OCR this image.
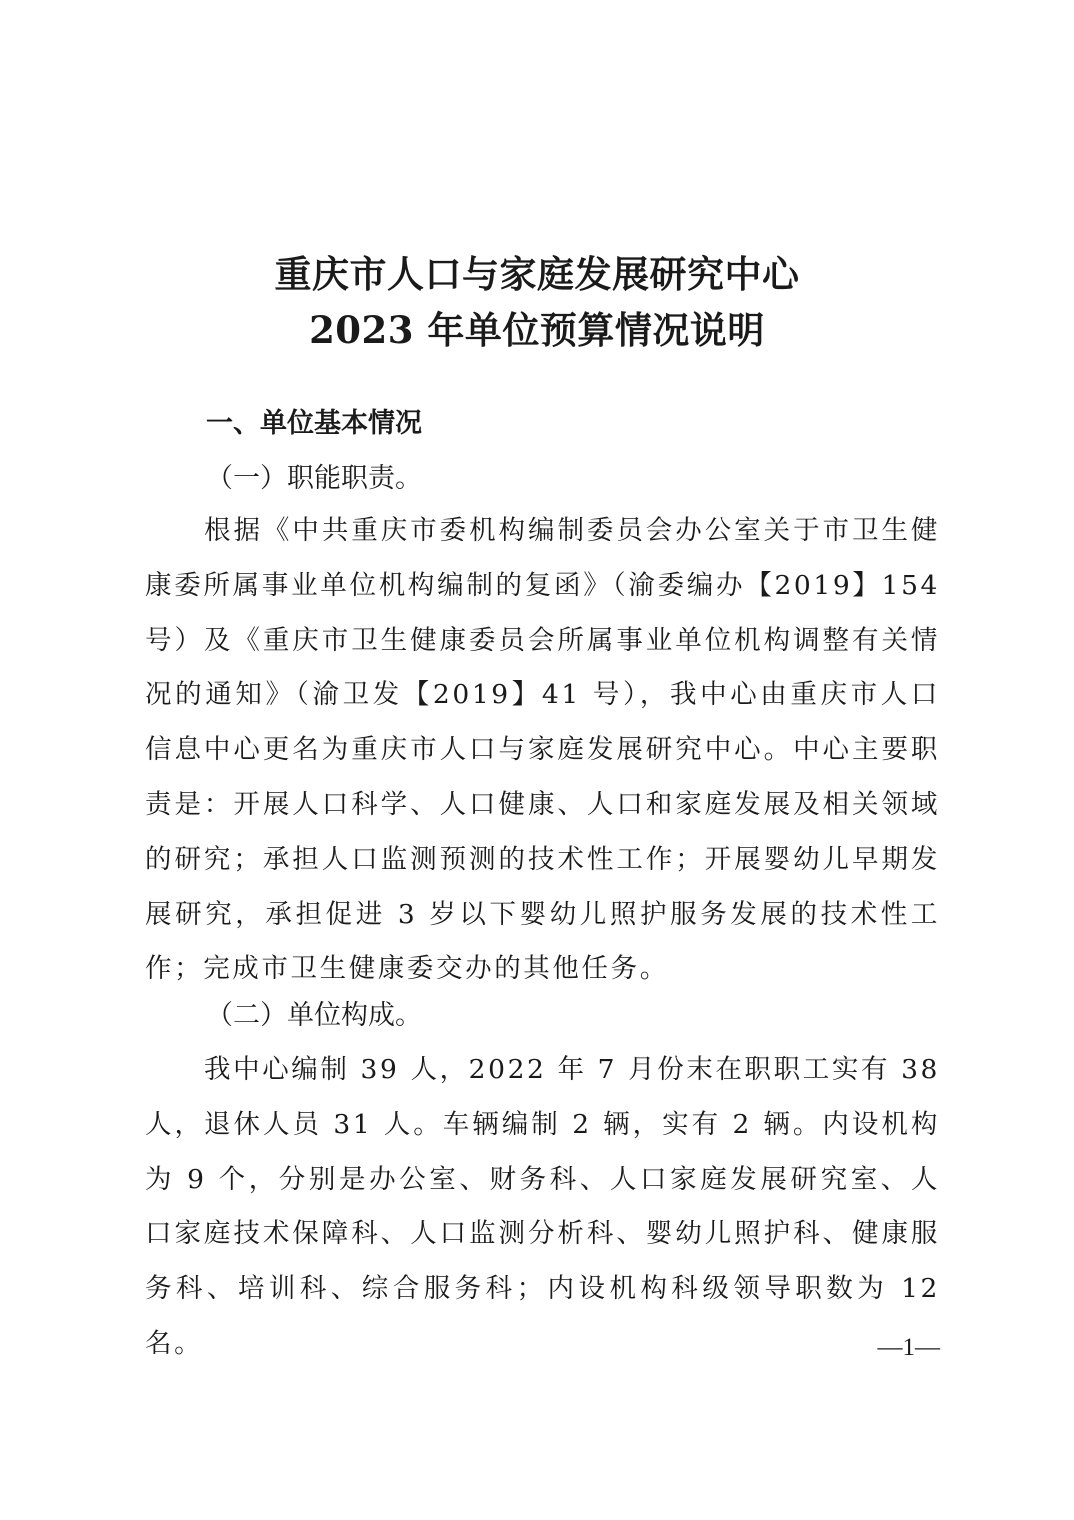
重庆市人口与家庭发展研究中心
2023 年单位预算情况说明
一、单位基本情况
（一）职能职责。

根据《中共重庆市委机构编制委员会办公室关于市卫生健康委所属事业单位机构编制的复函》（渝委编办【2019】154 号）及《重庆市卫生健康委员会所属事业单位机构调整有关情况的通知》（渝卫发【2019】41 号），我中心由重庆市人口信息中心更名为重庆市人口与家庭发展研究中心。中心主要职责是：开展人口科学、人口健康、人口和家庭发展及相关领域的研究；承担人口监测预测的技术性工作；开展婴幼儿早期发展研究，承担促进 3 岁以下婴幼儿照护服务发展的技术性工作；完成市卫生健康委交办的其他任务。

（二）单位构成。

我中心编制 39 人，2022 年 7 月份末在职职工实有 38 人，退休人员 31 人。车辆编制 2 辆，实有 2 辆。内设机构为 9 个，分别是办公室、财务科、人口家庭发展研究室、人口家庭技术保障科、人口监测分析科、婴幼儿照护科、健康服务科、培训科、综合服务科；内设机构科级领导职数为 12 名。	—1—
